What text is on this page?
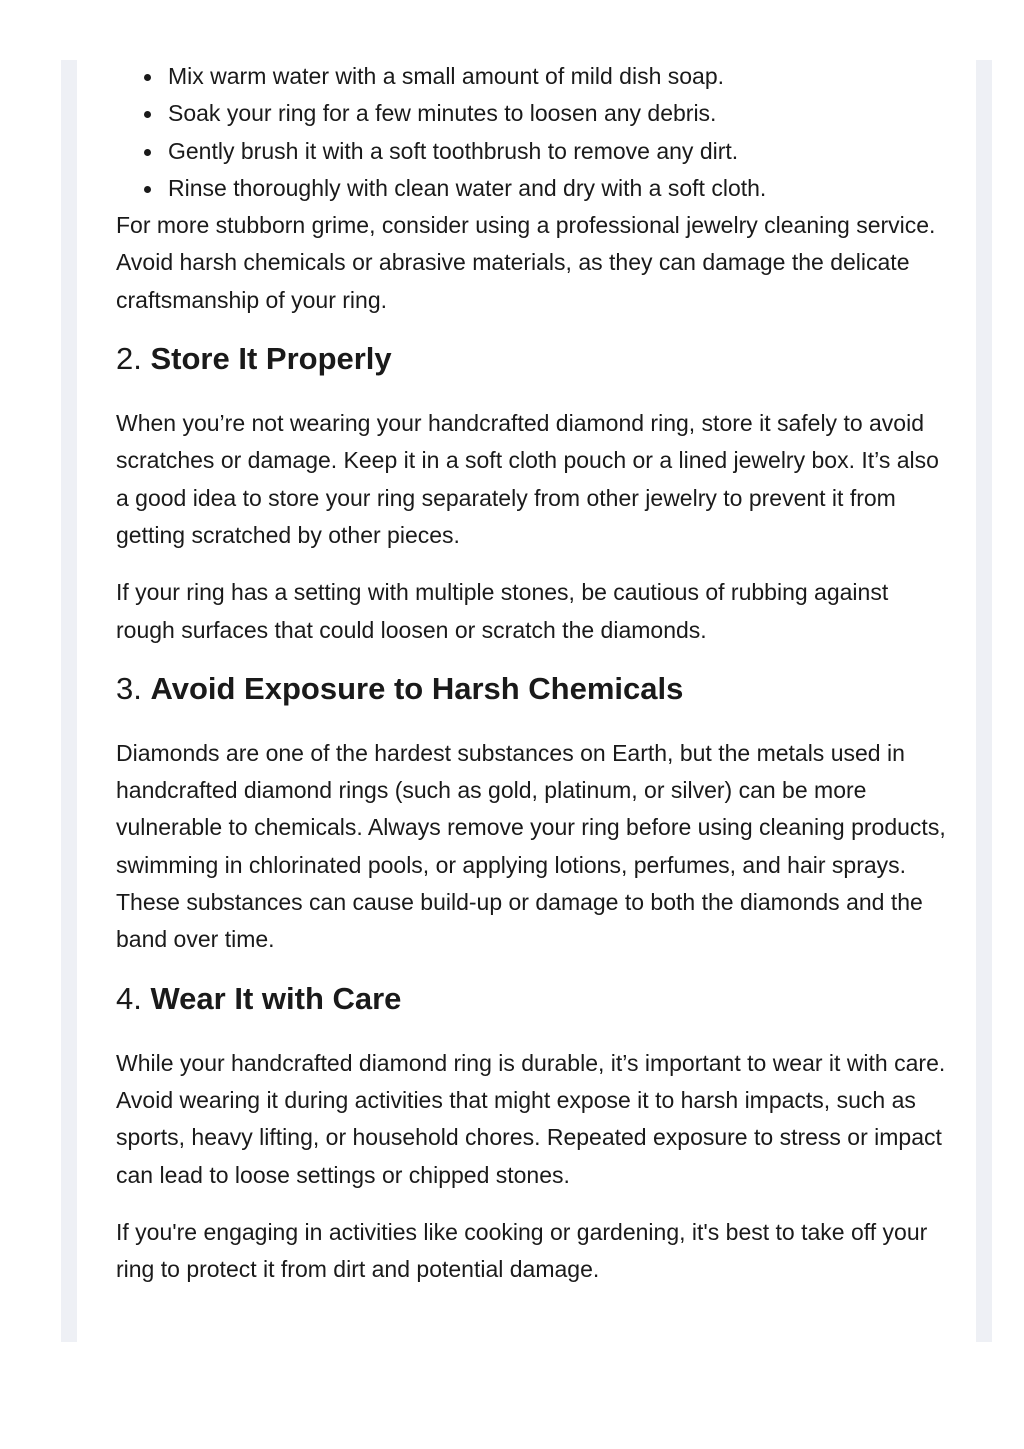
Mix warm water with a small amount of mild dish soap.
Soak your ring for a few minutes to loosen any debris.
Gently brush it with a soft toothbrush to remove any dirt.
Rinse thoroughly with clean water and dry with a soft cloth.

For more stubborn grime, consider using a professional jewelry cleaning service. Avoid harsh chemicals or abrasive materials, as they can damage the delicate craftsmanship of your ring.

2. Store It Properly

When you’re not wearing your handcrafted diamond ring, store it safely to avoid scratches or damage. Keep it in a soft cloth pouch or a lined jewelry box. It’s also a good idea to store your ring separately from other jewelry to prevent it from getting scratched by other pieces.

If your ring has a setting with multiple stones, be cautious of rubbing against rough surfaces that could loosen or scratch the diamonds.

3. Avoid Exposure to Harsh Chemicals

Diamonds are one of the hardest substances on Earth, but the metals used in handcrafted diamond rings (such as gold, platinum, or silver) can be more vulnerable to chemicals. Always remove your ring before using cleaning products, swimming in chlorinated pools, or applying lotions, perfumes, and hair sprays. These substances can cause build-up or damage to both the diamonds and the band over time.

4. Wear It with Care

While your handcrafted diamond ring is durable, it’s important to wear it with care. Avoid wearing it during activities that might expose it to harsh impacts, such as sports, heavy lifting, or household chores. Repeated exposure to stress or impact can lead to loose settings or chipped stones.

If you're engaging in activities like cooking or gardening, it's best to take off your ring to protect it from dirt and potential damage.
